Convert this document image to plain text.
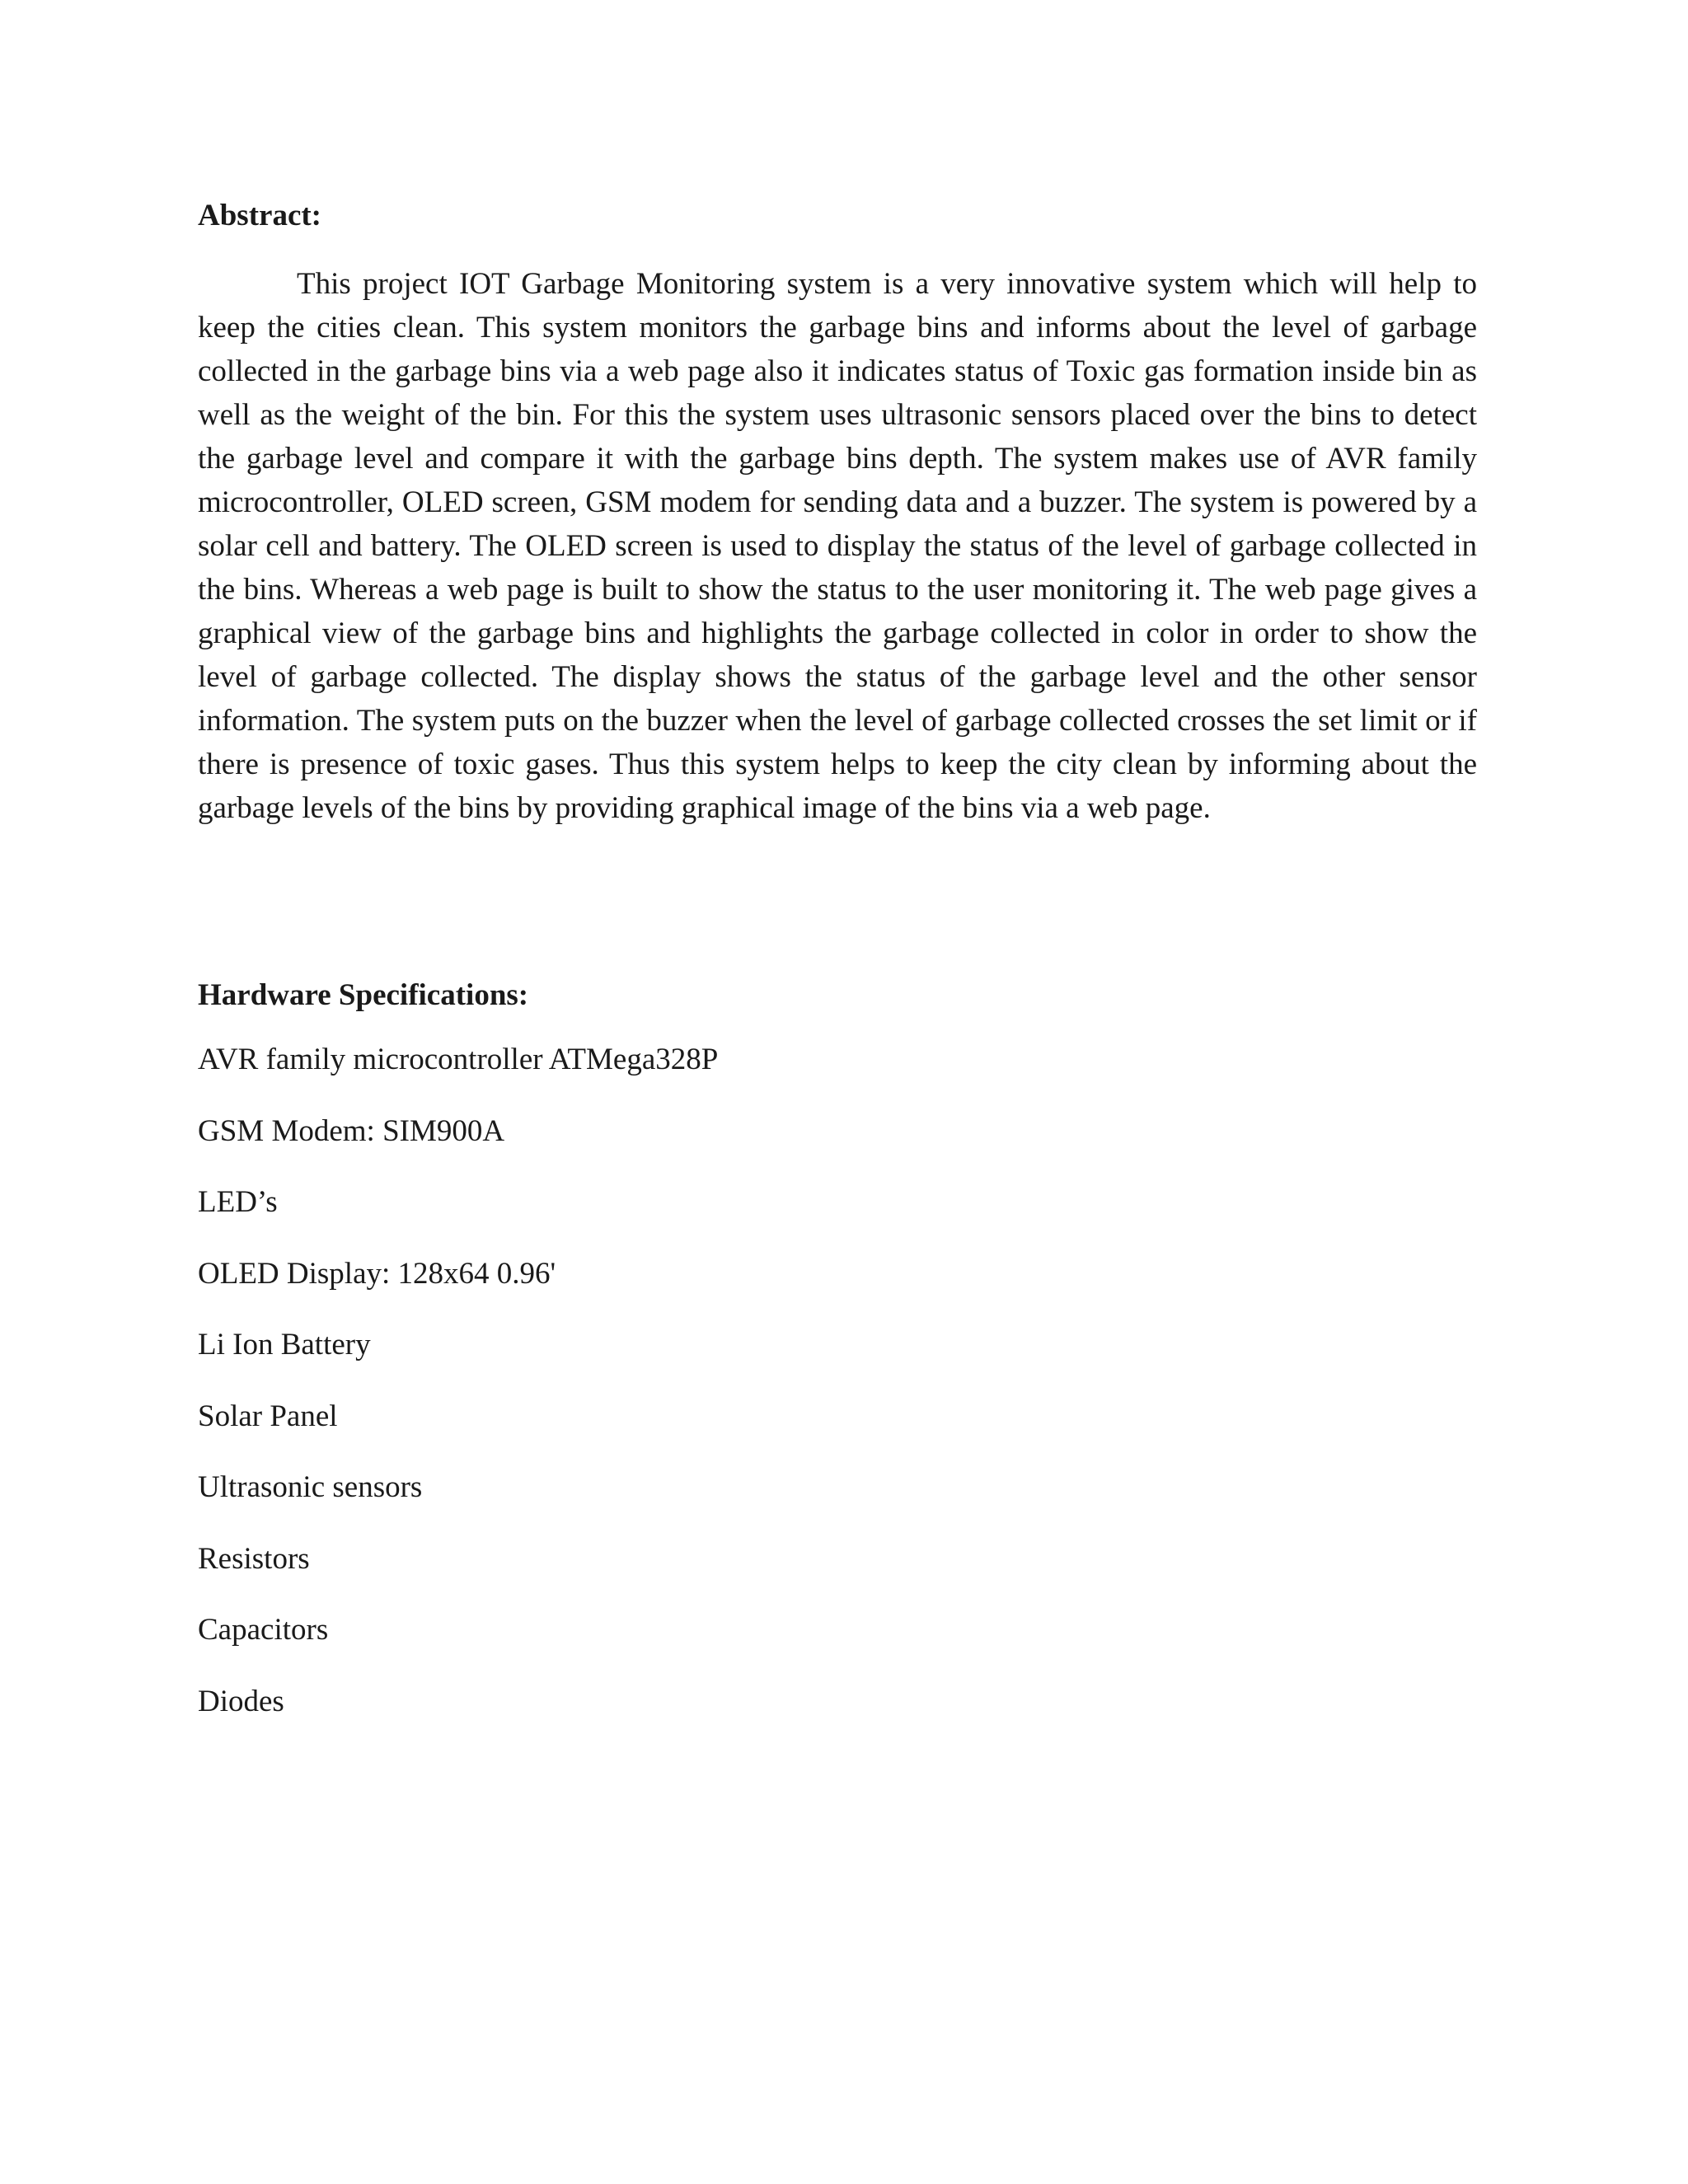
Abstract:

This project IOT Garbage Monitoring system is a very innovative system which will help to keep the cities clean. This system monitors the garbage bins and informs about the level of garbage collected in the garbage bins via a web page also it indicates status of Toxic gas formation inside bin as well as the weight of the bin. For this the system uses ultrasonic sensors placed over the bins to detect the garbage level and compare it with the garbage bins depth. The system makes use of AVR family microcontroller, OLED screen, GSM modem for sending data and a buzzer. The system is powered by a solar cell and battery. The OLED screen is used to display the status of the level of garbage collected in the bins. Whereas a web page is built to show the status to the user monitoring it. The web page gives a graphical view of the garbage bins and highlights the garbage collected in color in order to show the level of garbage collected. The display shows the status of the garbage level and the other sensor information. The system puts on the buzzer when the level of garbage collected crosses the set limit or if there is presence of toxic gases. Thus this system helps to keep the city clean by informing about the garbage levels of the bins by providing graphical image of the bins via a web page.

Hardware Specifications:
AVR family microcontroller ATMega328P
GSM Modem: SIM900A
LED’s
OLED Display: 128x64 0.96'
Li Ion Battery
Solar Panel
Ultrasonic sensors
Resistors
Capacitors
Diodes
